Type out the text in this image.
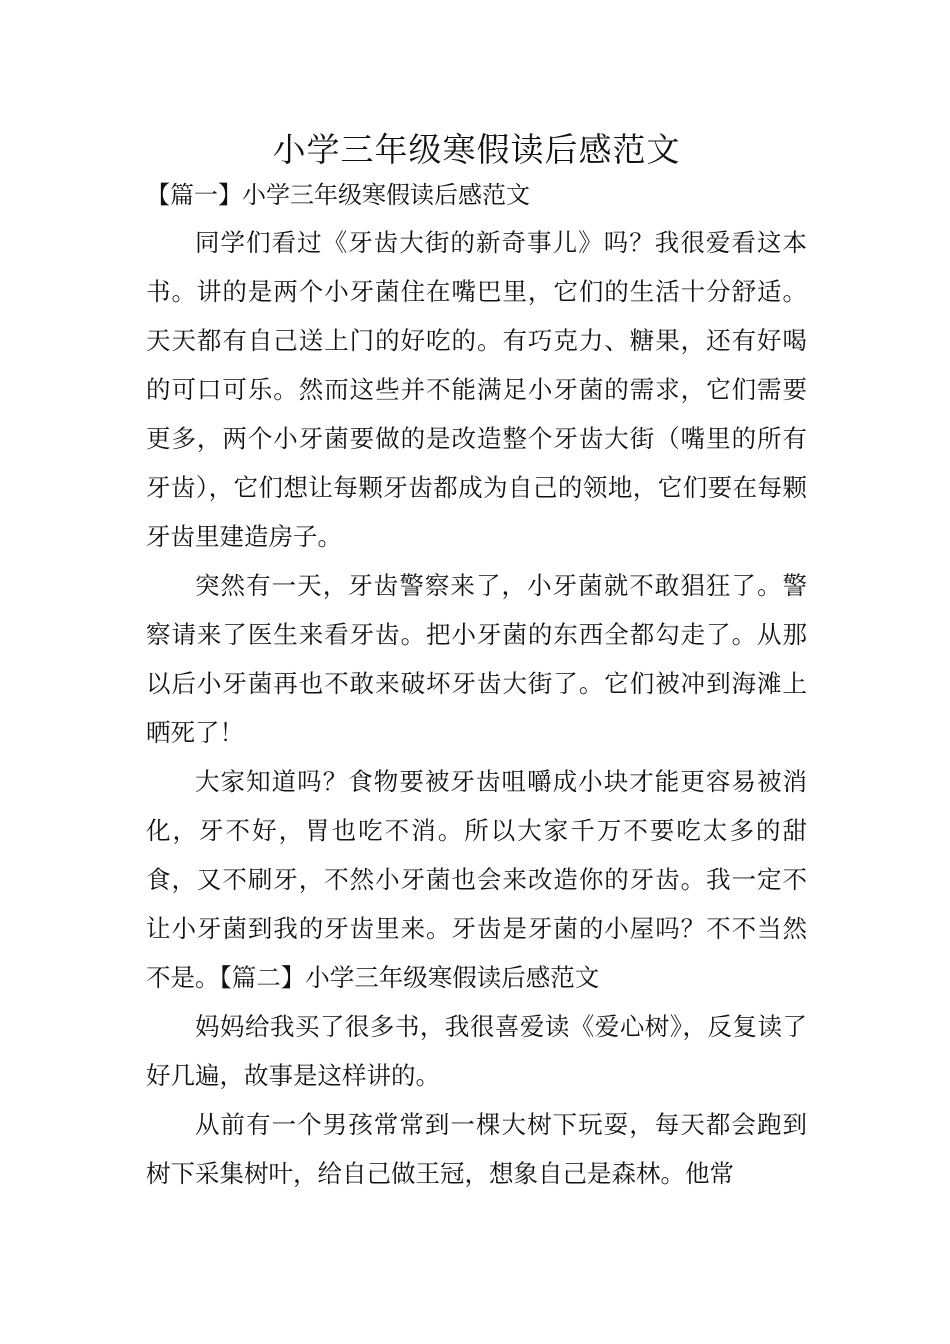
小学三年级寒假读后感范文

【篇一】小学三年级寒假读后感范文

同学们看过《牙齿大街的新奇事儿》吗？我很爱看这本书。讲的是两个小牙菌住在嘴巴里，它们的生活十分舒适。天天都有自己送上门的好吃的。有巧克力、糖果，还有好喝的可口可乐。然而这些并不能满足小牙菌的需求，它们需要更多，两个小牙菌要做的是改造整个牙齿大街（嘴里的所有牙齿），它们想让每颗牙齿都成为自己的领地，它们要在每颗牙齿里建造房子。

突然有一天，牙齿警察来了，小牙菌就不敢猖狂了。警察请来了医生来看牙齿。把小牙菌的东西全都勾走了。从那以后小牙菌再也不敢来破坏牙齿大街了。它们被冲到海滩上晒死了！

大家知道吗？食物要被牙齿咀嚼成小块才能更容易被消化，牙不好，胃也吃不消。所以大家千万不要吃太多的甜食，又不刷牙，不然小牙菌也会来改造你的牙齿。我一定不让小牙菌到我的牙齿里来。牙齿是牙菌的小屋吗？不不当然不是。【篇二】小学三年级寒假读后感范文

妈妈给我买了很多书，我很喜爱读《爱心树》，反复读了好几遍，故事是这样讲的。

从前有一个男孩常常到一棵大树下玩耍，每天都会跑到树下采集树叶，给自己做王冠，想象自己是森林。他常
